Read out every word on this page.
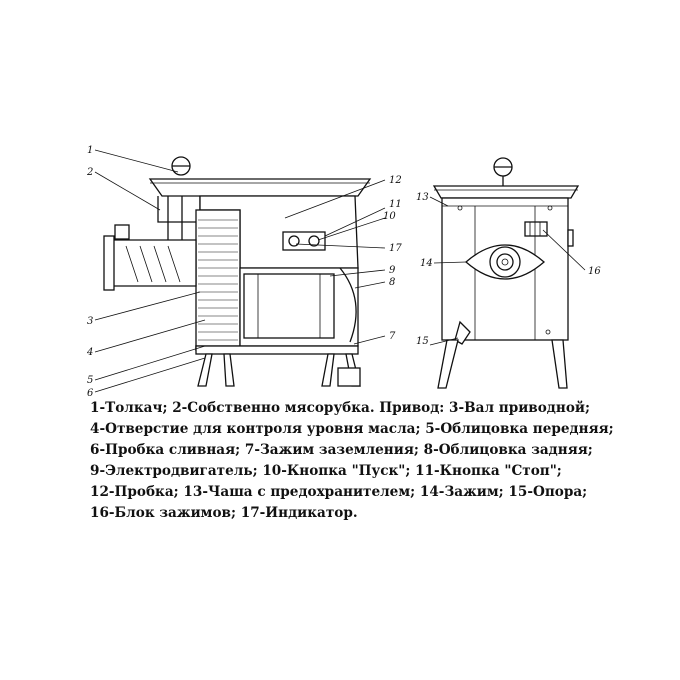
1
2
12
11
10
17
9
8
3
4
7
5
6
13
14
16
15
1-Толкач; 2-Собственно мясорубка. Привод: 3-Вал приводной;
4-Отверстие для контроля уровня масла; 5-Облицовка передняя;
6-Пробка сливная; 7-Зажим заземления; 8-Облицовка задняя;
9-Электродвигатель; 10-Кнопка "Пуск"; 11-Кнопка "Стоп";
12-Пробка; 13-Чаша с предохранителем; 14-Зажим; 15-Опора;
16-Блок зажимов; 17-Индикатор.
